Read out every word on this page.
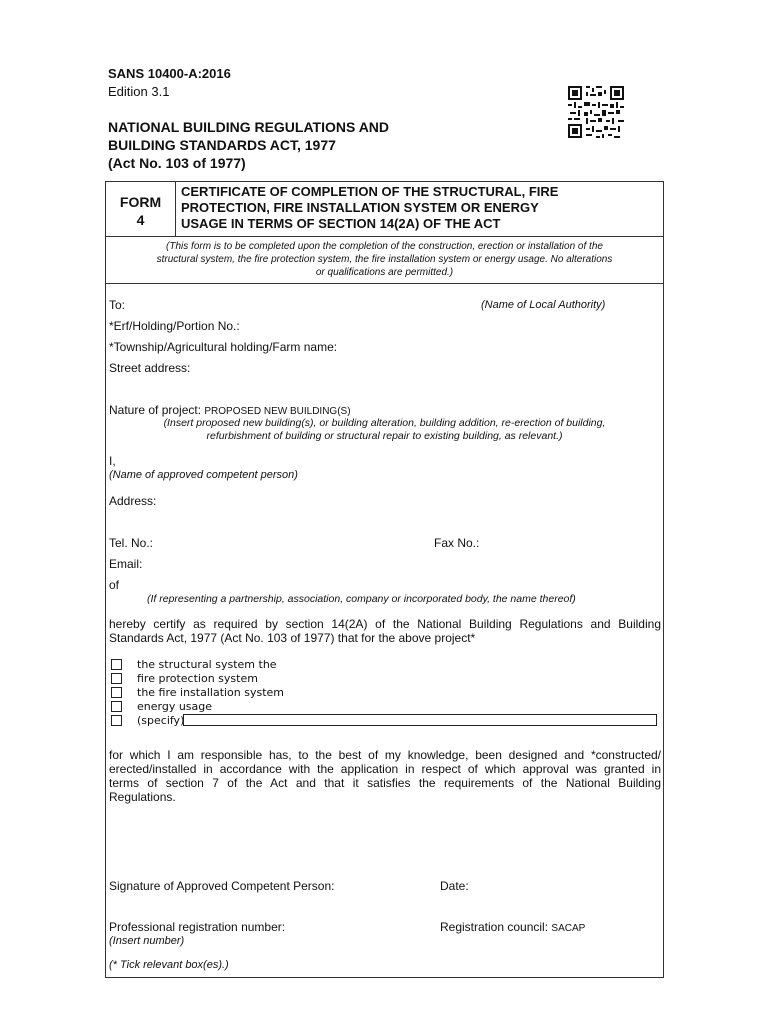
SANS 10400-A:2016
Edition 3.1
NATIONAL BUILDING REGULATIONS AND
BUILDING STANDARDS ACT, 1977
(Act No. 103 of 1977)
FORM
4
CERTIFICATE OF COMPLETION OF THE STRUCTURAL, FIRE
PROTECTION, FIRE INSTALLATION SYSTEM OR ENERGY
USAGE IN TERMS OF SECTION 14(2A) OF THE ACT
(This form is to be completed upon the completion of the construction, erection or installation of the
structural system, the fire protection system, the fire installation system or energy usage. No alterations
or qualifications are permitted.)
To:	(Name of Local Authority)
*Erf/Holding/Portion No.:
*Township/Agricultural holding/Farm name:
Street address:
Nature of project: PROPOSED NEW BUILDING(S)
(Insert proposed new building(s), or building alteration, building addition, re-erection of building,
refurbishment of building or structural repair to existing building, as relevant.)
I,
(Name of approved competent person)
Address:
Tel. No.:	Fax No.:
Email:
of
(If representing a partnership, association, company or incorporated body, the name thereof)
hereby certify as required by section 14(2A) of the National Building Regulations and Building
Standards Act, 1977 (Act No. 103 of 1977) that for the above project*
the structural system the
fire protection system
the fire installation system
energy usage
(specify)
for which I am responsible has, to the best of my knowledge, been designed and *constructed/
erected/installed in accordance with the application in respect of which approval was granted in
terms of section 7 of the Act and that it satisfies the requirements of the National Building
Regulations.
Signature of Approved Competent Person:	Date:
Professional registration number:
(Insert number)
Registration council: SACAP
(* Tick relevant box(es).)
